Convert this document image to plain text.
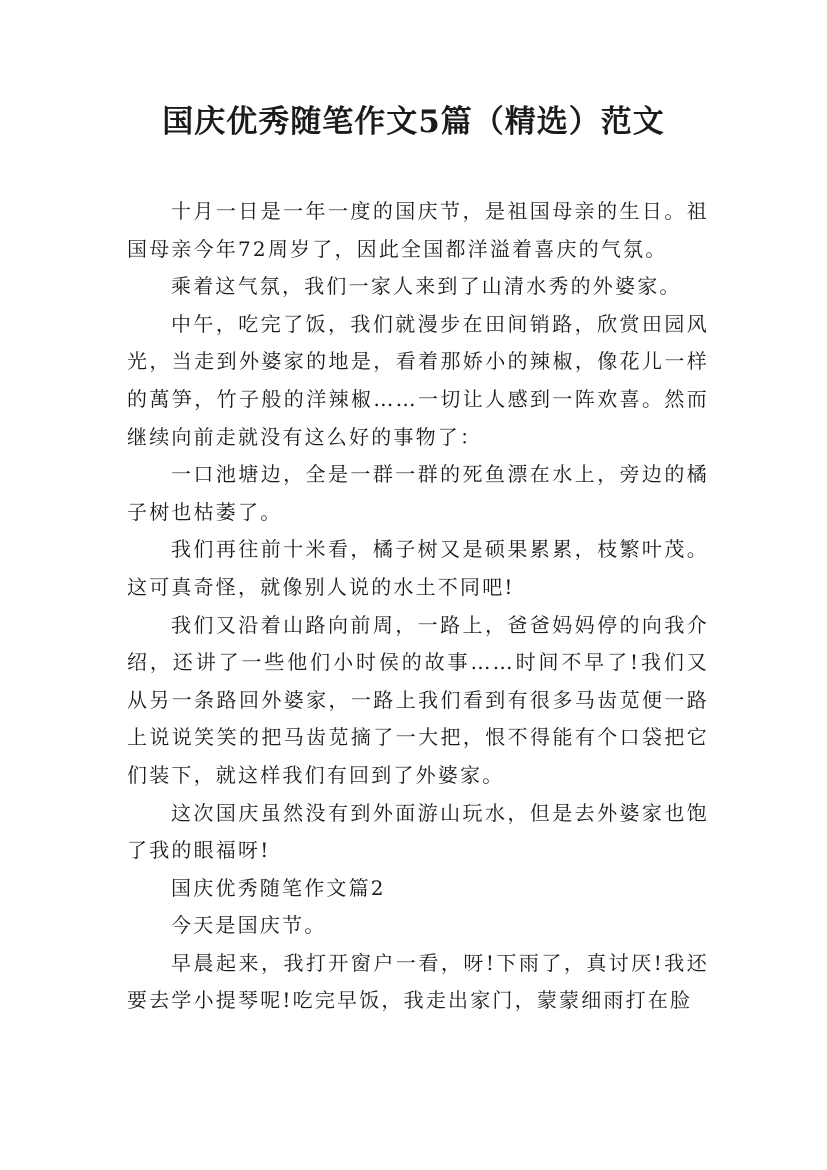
国庆优秀随笔作文5篇（精选）范文

十月一日是一年一度的国庆节，是祖国母亲的生日。祖国母亲今年72周岁了，因此全国都洋溢着喜庆的气氛。

乘着这气氛，我们一家人来到了山清水秀的外婆家。

中午，吃完了饭，我们就漫步在田间销路，欣赏田园风光，当走到外婆家的地是，看着那娇小的辣椒，像花儿一样的萬笋，竹子般的洋辣椒……一切让人感到一阵欢喜。然而继续向前走就没有这么好的事物了：

一口池塘边，全是一群一群的死鱼漂在水上，旁边的橘子树也枯萎了。

我们再往前十米看，橘子树又是硕果累累，枝繁叶茂。这可真奇怪，就像别人说的水土不同吧!

我们又沿着山路向前周，一路上，爸爸妈妈停的向我介绍，还讲了一些他们小时侯的故事……时间不早了!我们又从另一条路回外婆家，一路上我们看到有很多马齿苋便一路上说说笑笑的把马齿苋摘了一大把，恨不得能有个口袋把它们装下，就这样我们有回到了外婆家。

这次国庆虽然没有到外面游山玩水，但是去外婆家也饱了我的眼福呀!

国庆优秀随笔作文篇2

今天是国庆节。

早晨起来，我打开窗户一看，呀!下雨了，真讨厌!我还要去学小提琴呢!吃完早饭，我走出家门，蒙蒙细雨打在脸
